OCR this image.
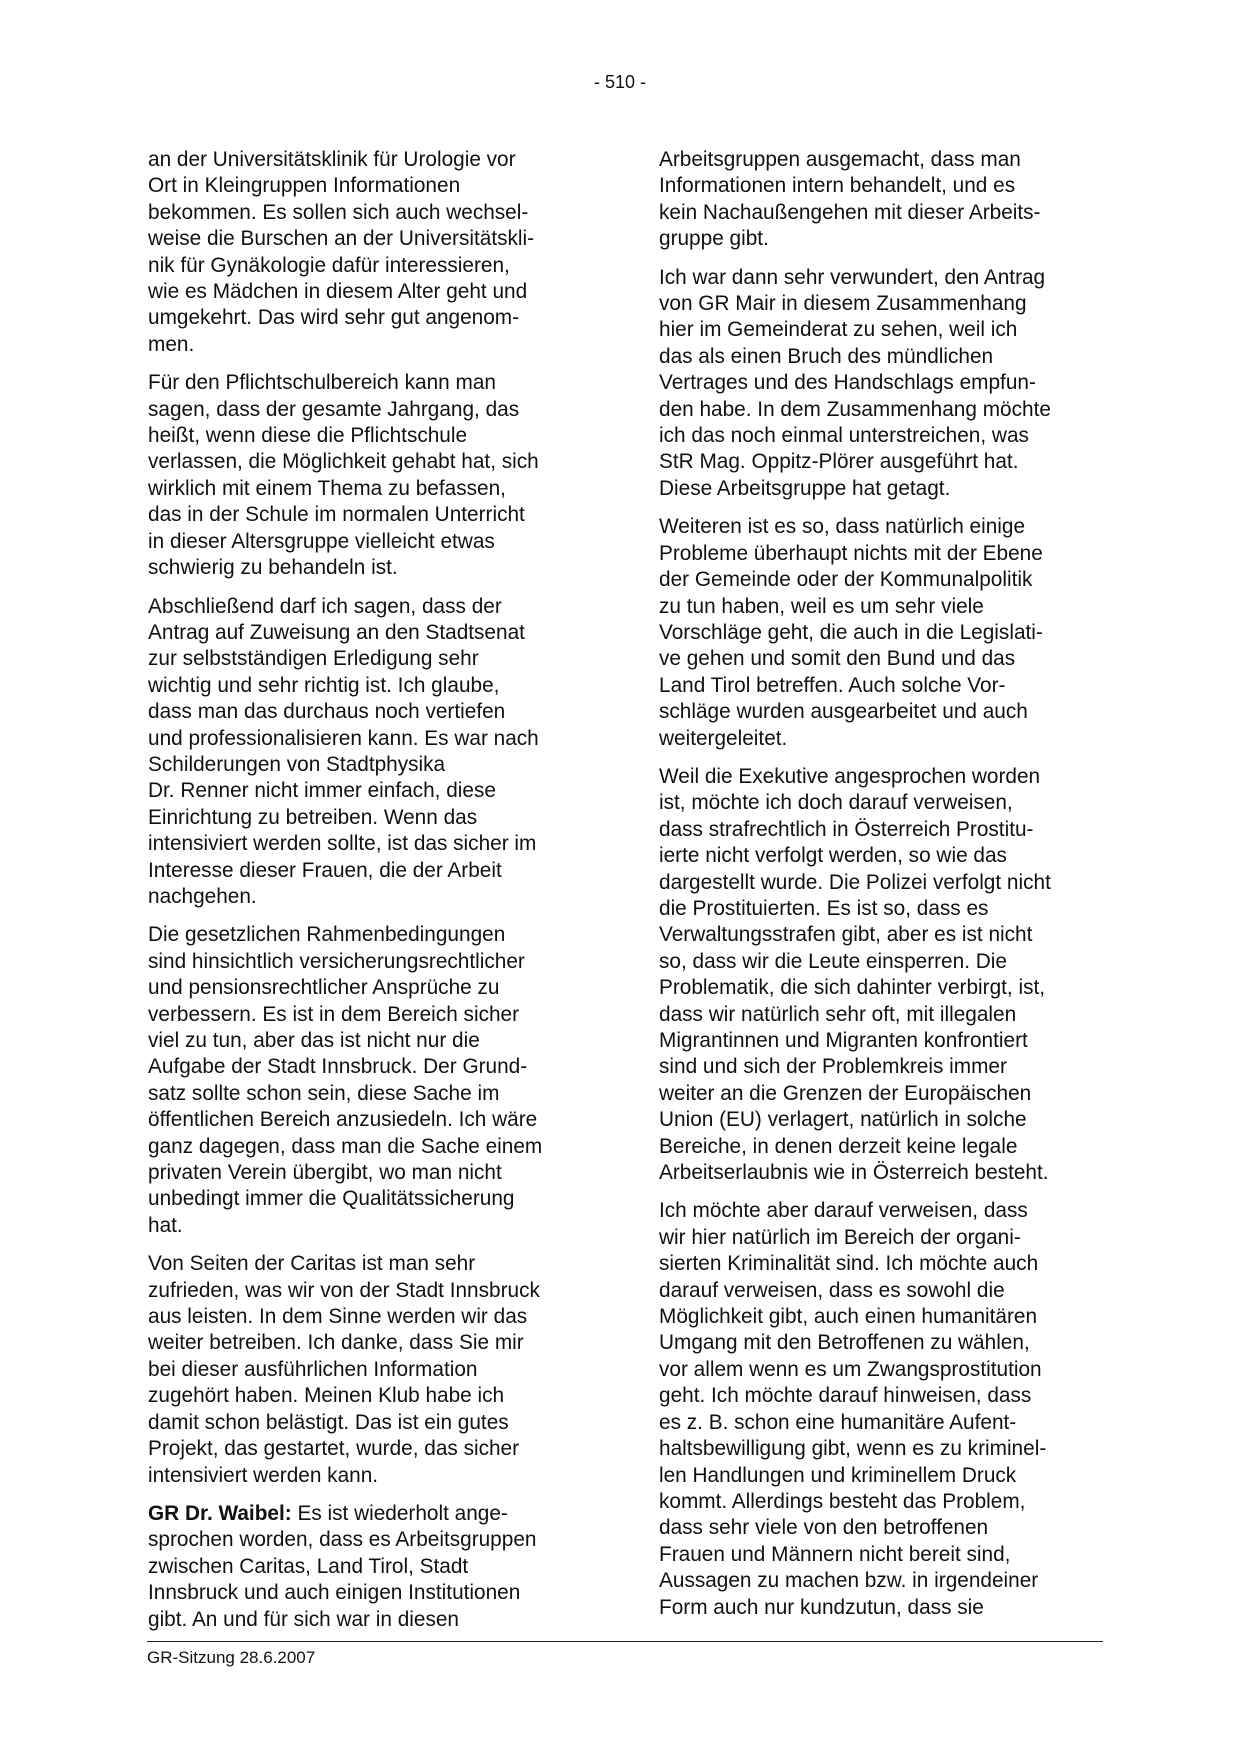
- 510 -

an der Universitätsklinik für Urologie vor
Ort in Kleingruppen Informationen
bekommen. Es sollen sich auch wechsel-
weise die Burschen an der Universitätskli-
nik für Gynäkologie dafür interessieren,
wie es Mädchen in diesem Alter geht und
umgekehrt. Das wird sehr gut angenom-
men.

Für den Pflichtschulbereich kann man
sagen, dass der gesamte Jahrgang, das
heißt, wenn diese die Pflichtschule
verlassen, die Möglichkeit gehabt hat, sich
wirklich mit einem Thema zu befassen,
das in der Schule im normalen Unterricht
in dieser Altersgruppe vielleicht etwas
schwierig zu behandeln ist.

Abschließend darf ich sagen, dass der
Antrag auf Zuweisung an den Stadtsenat
zur selbstständigen Erledigung sehr
wichtig und sehr richtig ist. Ich glaube,
dass man das durchaus noch vertiefen
und professionalisieren kann. Es war nach
Schilderungen von Stadtphysika
Dr. Renner nicht immer einfach, diese
Einrichtung zu betreiben. Wenn das
intensiviert werden sollte, ist das sicher im
Interesse dieser Frauen, die der Arbeit
nachgehen.

Die gesetzlichen Rahmenbedingungen
sind hinsichtlich versicherungsrechtlicher
und pensionsrechtlicher Ansprüche zu
verbessern. Es ist in dem Bereich sicher
viel zu tun, aber das ist nicht nur die
Aufgabe der Stadt Innsbruck. Der Grund-
satz sollte schon sein, diese Sache im
öffentlichen Bereich anzusiedeln. Ich wäre
ganz dagegen, dass man die Sache einem
privaten Verein übergibt, wo man nicht
unbedingt immer die Qualitätssicherung
hat.

Von Seiten der Caritas ist man sehr
zufrieden, was wir von der Stadt Innsbruck
aus leisten. In dem Sinne werden wir das
weiter betreiben. Ich danke, dass Sie mir
bei dieser ausführlichen Information
zugehört haben. Meinen Klub habe ich
damit schon belästigt. Das ist ein gutes
Projekt, das gestartet, wurde, das sicher
intensiviert werden kann.

GR Dr. Waibel: Es ist wiederholt ange-
sprochen worden, dass es Arbeitsgruppen
zwischen Caritas, Land Tirol, Stadt
Innsbruck und auch einigen Institutionen
gibt. An und für sich war in diesen

Arbeitsgruppen ausgemacht, dass man
Informationen intern behandelt, und es
kein Nachaußengehen mit dieser Arbeits-
gruppe gibt.

Ich war dann sehr verwundert, den Antrag
von GR Mair in diesem Zusammenhang
hier im Gemeinderat zu sehen, weil ich
das als einen Bruch des mündlichen
Vertrages und des Handschlags empfun-
den habe. In dem Zusammenhang möchte
ich das noch einmal unterstreichen, was
StR Mag. Oppitz-Plörer ausgeführt hat.
Diese Arbeitsgruppe hat getagt.

Weiteren ist es so, dass natürlich einige
Probleme überhaupt nichts mit der Ebene
der Gemeinde oder der Kommunalpolitik
zu tun haben, weil es um sehr viele
Vorschläge geht, die auch in die Legislati-
ve gehen und somit den Bund und das
Land Tirol betreffen. Auch solche Vor-
schläge wurden ausgearbeitet und auch
weitergeleitet.

Weil die Exekutive angesprochen worden
ist, möchte ich doch darauf verweisen,
dass strafrechtlich in Österreich Prostitu-
ierte nicht verfolgt werden, so wie das
dargestellt wurde. Die Polizei verfolgt nicht
die Prostituierten. Es ist so, dass es
Verwaltungsstrafen gibt, aber es ist nicht
so, dass wir die Leute einsperren. Die
Problematik, die sich dahinter verbirgt, ist,
dass wir natürlich sehr oft, mit illegalen
Migrantinnen und Migranten konfrontiert
sind und sich der Problemkreis immer
weiter an die Grenzen der Europäischen
Union (EU) verlagert, natürlich in solche
Bereiche, in denen derzeit keine legale
Arbeitserlaubnis wie in Österreich besteht.

Ich möchte aber darauf verweisen, dass
wir hier natürlich im Bereich der organi-
sierten Kriminalität sind. Ich möchte auch
darauf verweisen, dass es sowohl die
Möglichkeit gibt, auch einen humanitären
Umgang mit den Betroffenen zu wählen,
vor allem wenn es um Zwangsprostitution
geht. Ich möchte darauf hinweisen, dass
es z. B. schon eine humanitäre Aufent-
haltsbewilligung gibt, wenn es zu kriminel-
len Handlungen und kriminellem Druck
kommt. Allerdings besteht das Problem,
dass sehr viele von den betroffenen
Frauen und Männern nicht bereit sind,
Aussagen zu machen bzw. in irgendeiner
Form auch nur kundzutun, dass sie

GR-Sitzung 28.6.2007
